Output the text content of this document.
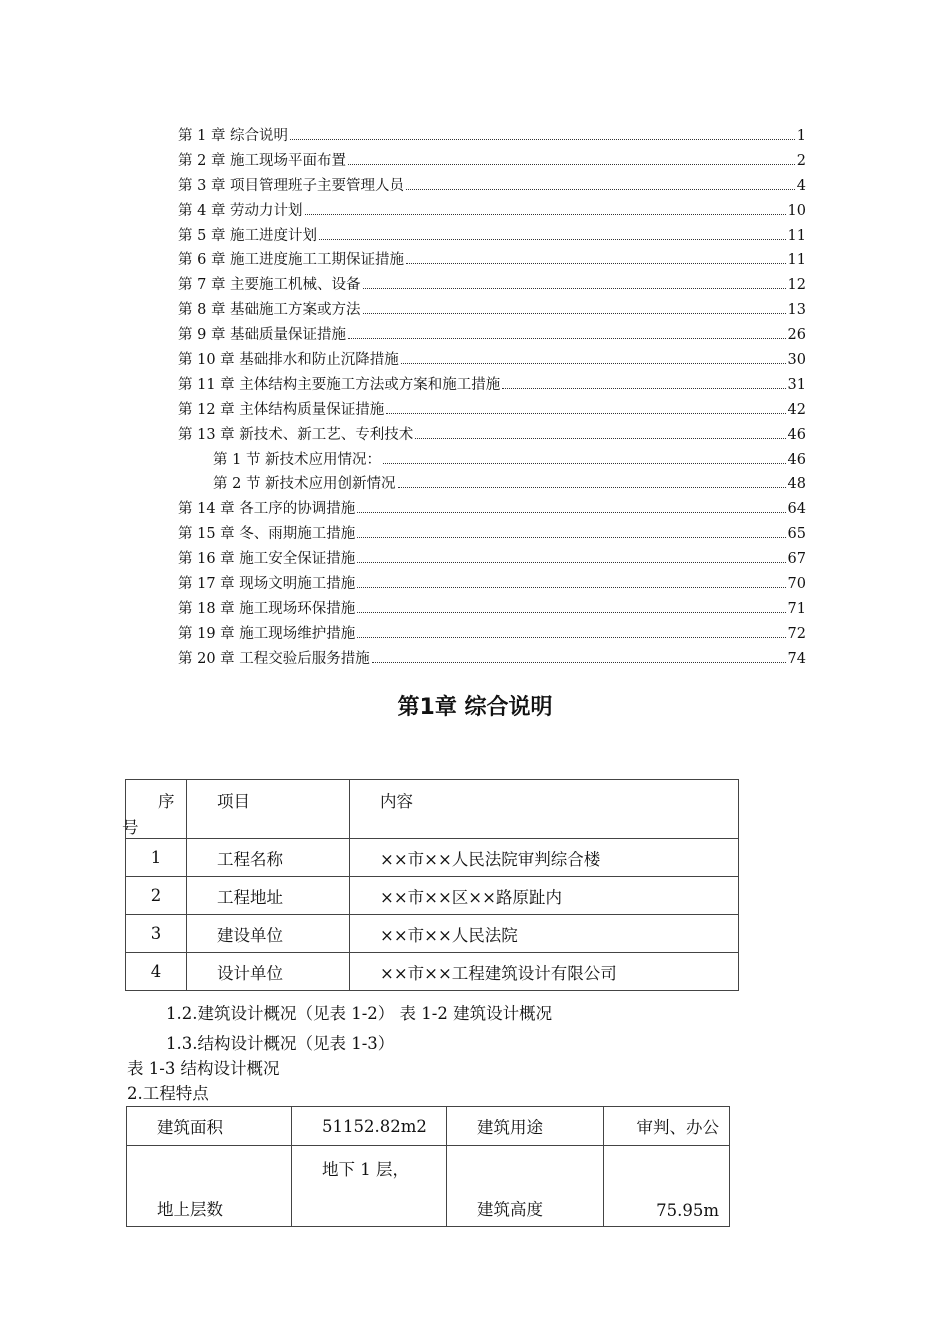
第 1 章 综合说明	1
第 2 章 施工现场平面布置	2
第 3 章 项目管理班子主要管理人员	4
第 4 章 劳动力计划	10
第 5 章 施工进度计划	11
第 6 章 施工进度施工工期保证措施	11
第 7 章 主要施工机械、设备	12
第 8 章 基础施工方案或方法	13
第 9 章 基础质量保证措施	26
第 10 章 基础排水和防止沉降措施	30
第 11 章 主体结构主要施工方法或方案和施工措施	31
第 12 章 主体结构质量保证措施	42
第 13 章 新技术、新工艺、专利技术	46
第 1 节 新技术应用情况：	46
第 2 节 新技术应用创新情况	48
第 14 章 各工序的协调措施	64
第 15 章 冬、雨期施工措施	65
第 16 章 施工安全保证措施	67
第 17 章 现场文明施工措施	70
第 18 章 施工现场环保措施	71
第 19 章 施工现场维护措施	72
第 20 章 工程交验后服务措施	74
第1章 综合说明
序
号	项目	内容
1	工程名称	××市××人民法院审判综合楼
2	工程地址	××市××区××路原趾内
3	建设单位	××市××人民法院
4	设计单位	××市××工程建筑设计有限公司
1.2.建筑设计概况（见表 1-2） 表 1-2 建筑设计概况
1.3.结构设计概况（见表 1-3）
表 1-3 结构设计概况
2.工程特点
建筑面积	51152.82m2	建筑用途	审判、办公
地上层数	地下 1 层，	建筑高度	75.95m
